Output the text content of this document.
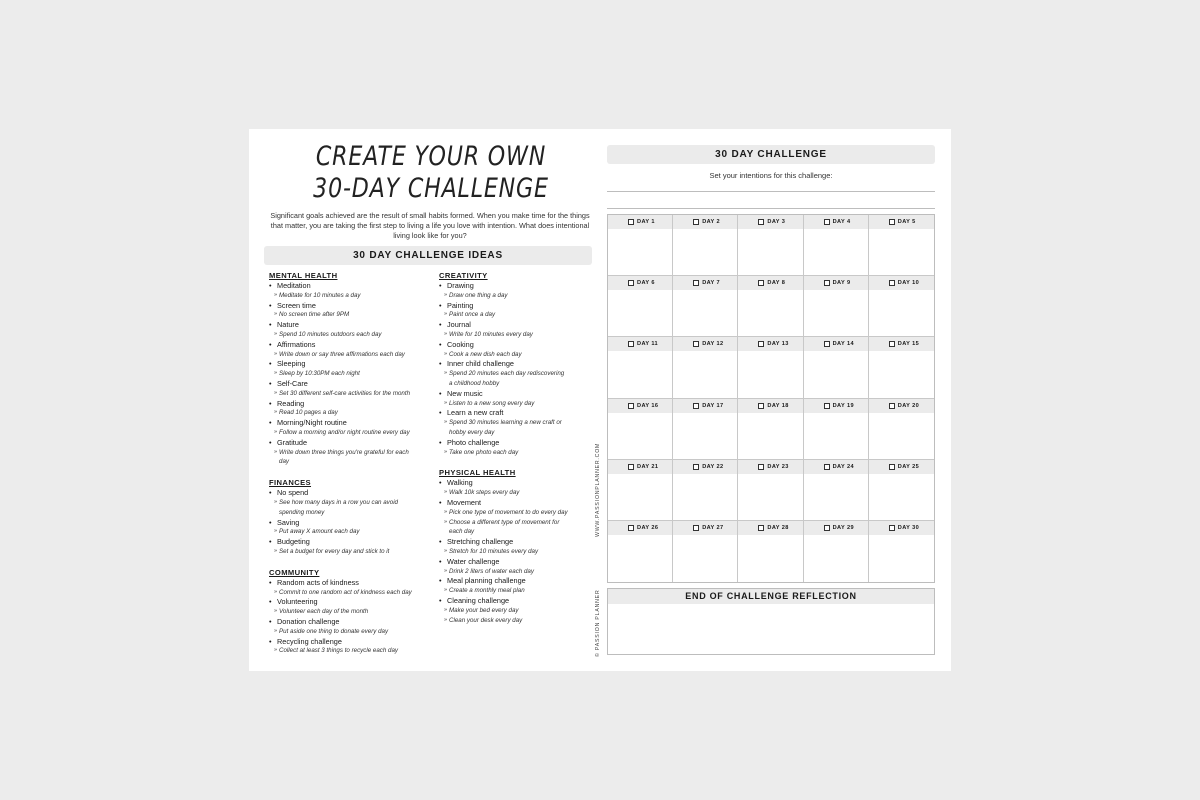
CREATE YOUR OWN
30-DAY CHALLENGE
Significant goals achieved are the result of small habits formed. When you make time for the things that matter, you are taking the first step to living a life you love with intention. What does intentional living look like for you?
30 DAY CHALLENGE IDEAS
MENTAL HEALTH
• Meditation
» Meditate for 10 minutes a day
• Screen time
» No screen time after 9PM
• Nature
» Spend 10 minutes outdoors each day
• Affirmations
» Write down or say three affirmations each day
• Sleeping
» Sleep by 10:30PM each night
• Self-Care
» Set 30 different self-care activities for the month
• Reading
» Read 10 pages a day
• Morning/Night routine
» Follow a morning and/or night routine every day
• Gratitude
» Write down three things you're grateful for each
day
FINANCES
• No spend
» See how many days in a row you can avoid
spending money
• Saving
» Put away X amount each day
• Budgeting
» Set a budget for every day and stick to it
COMMUNITY
• Random acts of kindness
» Commit to one random act of kindness each day
• Volunteering
» Volunteer each day of the month
• Donation challenge
» Put aside one thing to donate every day
• Recycling challenge
» Collect at least 3 things to recycle each day
CREATIVITY
• Drawing
» Draw one thing a day
• Painting
» Paint once a day
• Journal
» Write for 10 minutes every day
• Cooking
» Cook a new dish each day
• Inner child challenge
» Spend 20 minutes each day rediscovering
a childhood hobby
• New music
» Listen to a new song every day
• Learn a new craft
» Spend 30 minutes learning a new craft or
hobby every day
• Photo challenge
» Take one photo each day
PHYSICAL HEALTH
• Walking
» Walk 10k steps every day
• Movement
» Pick one type of movement to do every day
» Choose a different type of movement for
each day
• Stretching challenge
» Stretch for 10 minutes every day
• Water challenge
» Drink 2 liters of water each day
• Meal planning challenge
» Create a monthly meal plan
• Cleaning challenge
» Make your bed every day
» Clean your desk every day
WWW.PASSIONPLANNER.COM
© PASSION PLANNER
30 DAY CHALLENGE
Set your intentions for this challenge:
DAY 1	DAY 2	DAY 3	DAY 4	DAY 5
DAY 6	DAY 7	DAY 8	DAY 9	DAY 10
DAY 11	DAY 12	DAY 13	DAY 14	DAY 15
DAY 16	DAY 17	DAY 18	DAY 19	DAY 20
DAY 21	DAY 22	DAY 23	DAY 24	DAY 25
DAY 26	DAY 27	DAY 28	DAY 29	DAY 30
END OF CHALLENGE REFLECTION
